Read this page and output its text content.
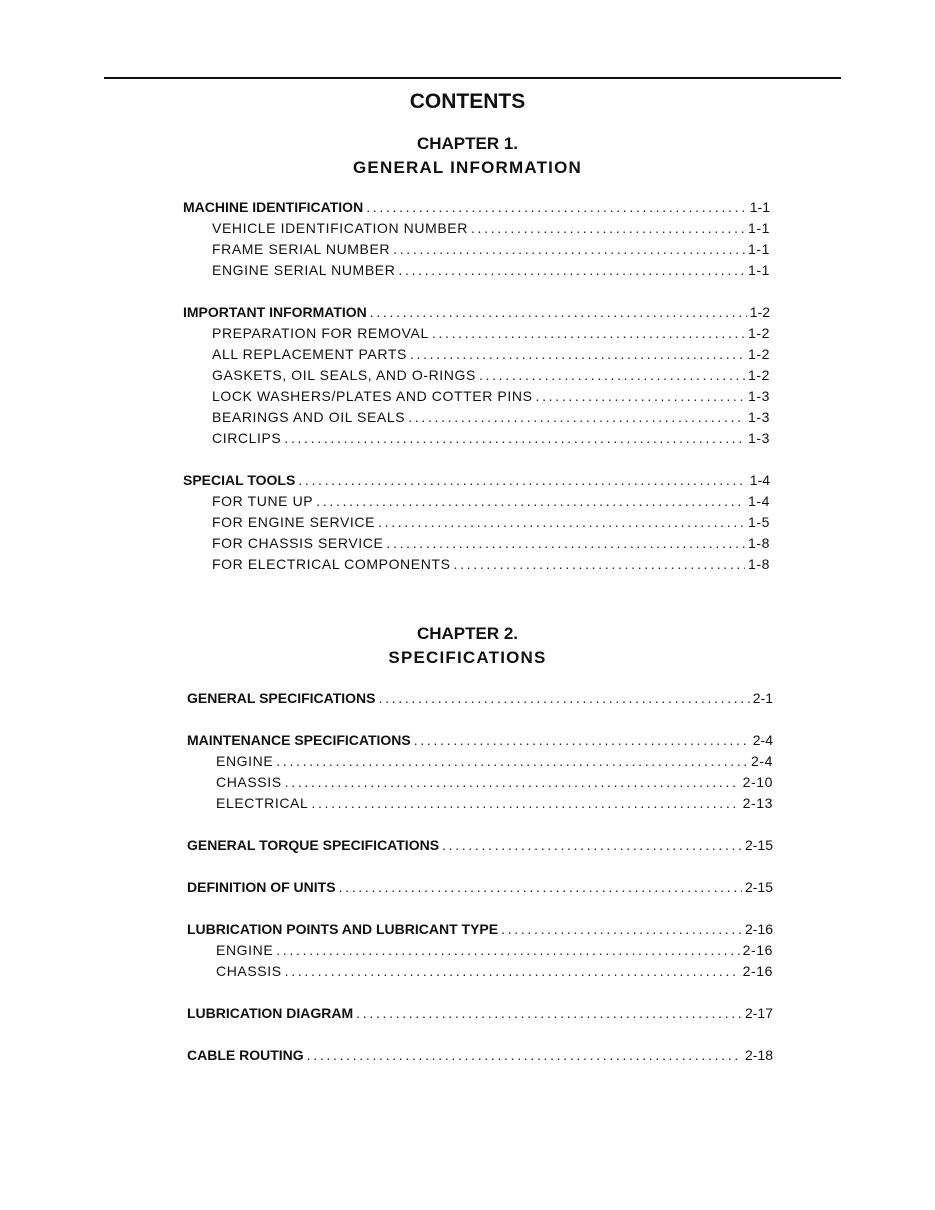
CONTENTS
CHAPTER 1.
GENERAL INFORMATION
MACHINE IDENTIFICATION . . .	1-1
VEHICLE IDENTIFICATION NUMBER . . .	1-1
FRAME SERIAL NUMBER . . .	1-1
ENGINE SERIAL NUMBER . . .	1-1
IMPORTANT INFORMATION . . .	1-2
PREPARATION FOR REMOVAL . . .	1-2
ALL REPLACEMENT PARTS . . .	1-2
GASKETS, OIL SEALS, AND O-RINGS . . .	1-2
LOCK WASHERS/PLATES AND COTTER PINS . . .	1-3
BEARINGS AND OIL SEALS . . .	1-3
CIRCLIPS . . .	1-3
SPECIAL TOOLS . . .	1-4
FOR TUNE UP . . .	1-4
FOR ENGINE SERVICE . . .	1-5
FOR CHASSIS SERVICE . . .	1-8
FOR ELECTRICAL COMPONENTS . . .	1-8
CHAPTER 2.
SPECIFICATIONS
GENERAL SPECIFICATIONS . . .	2-1
MAINTENANCE SPECIFICATIONS . . .	2-4
ENGINE . . .	2-4
CHASSIS . . .	2-10
ELECTRICAL . . .	2-13
GENERAL TORQUE SPECIFICATIONS . . .	2-15
DEFINITION OF UNITS . . .	2-15
LUBRICATION POINTS AND LUBRICANT TYPE . . .	2-16
ENGINE . . .	2-16
CHASSIS . . .	2-16
LUBRICATION DIAGRAM . . .	2-17
CABLE ROUTING . . .	2-18
